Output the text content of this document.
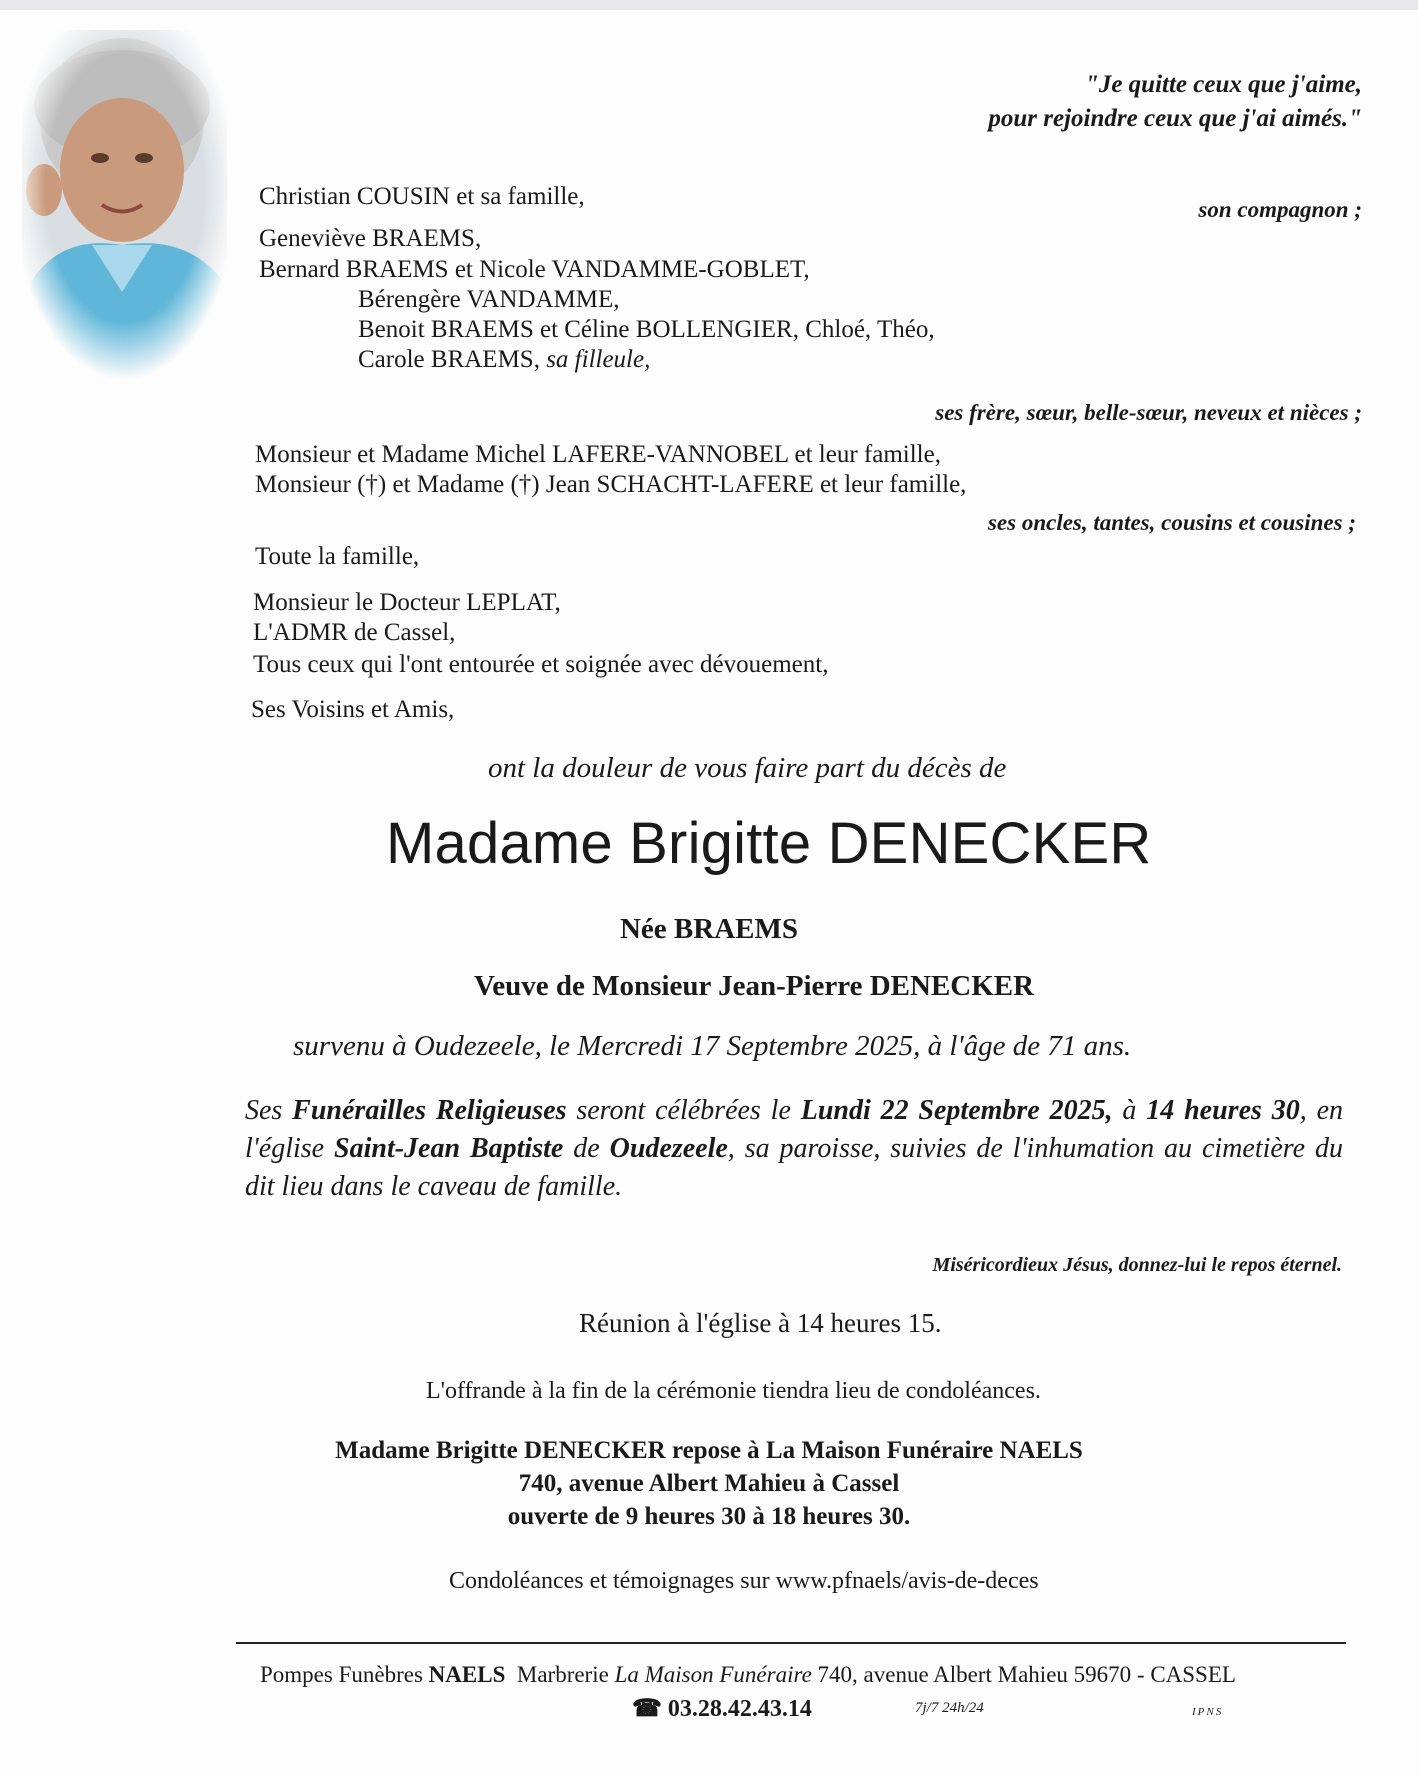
"Je quitte ceux que j'aime,
pour rejoindre ceux que j'ai aimés."
Christian COUSIN et sa famille,	son compagnon ;
Geneviève BRAEMS,
Bernard BRAEMS et Nicole VANDAMME-GOBLET,
Bérengère VANDAMME,
Benoit BRAEMS et Céline BOLLENGIER, Chloé, Théo,
Carole BRAEMS, sa filleule,
ses frère, sœur, belle-sœur, neveux et nièces ;
Monsieur et Madame Michel LAFERE-VANNOBEL et leur famille,
Monsieur (†) et Madame (†) Jean SCHACHT-LAFERE et leur famille,
ses oncles, tantes, cousins et cousines ;
Toute la famille,
Monsieur le Docteur LEPLAT,
L'ADMR de Cassel,
Tous ceux qui l'ont entourée et soignée avec dévouement,
Ses Voisins et Amis,
ont la douleur de vous faire part du décès de
Madame Brigitte DENECKER
Née BRAEMS
Veuve de Monsieur Jean-Pierre DENECKER
survenu à Oudezeele, le Mercredi 17 Septembre 2025, à l'âge de 71 ans.
Ses Funérailles Religieuses seront célébrées le Lundi 22 Septembre 2025, à 14 heures 30, en l'église Saint-Jean Baptiste de Oudezeele, sa paroisse, suivies de l'inhumation au cimetière du dit lieu dans le caveau de famille.
Miséricordieux Jésus, donnez-lui le repos éternel.
Réunion à l'église à 14 heures 15.
L'offrande à la fin de la cérémonie tiendra lieu de condoléances.
Madame Brigitte DENECKER repose à La Maison Funéraire NAELS
740, avenue Albert Mahieu à Cassel
ouverte de 9 heures 30 à 18 heures 30.
Condoléances et témoignages sur www.pfnaels/avis-de-deces
Pompes Funèbres NAELS Marbrerie La Maison Funéraire 740, avenue Albert Mahieu 59670 - CASSEL
☎ 03.28.42.43.14	7j/7 24h/24	IPNS
